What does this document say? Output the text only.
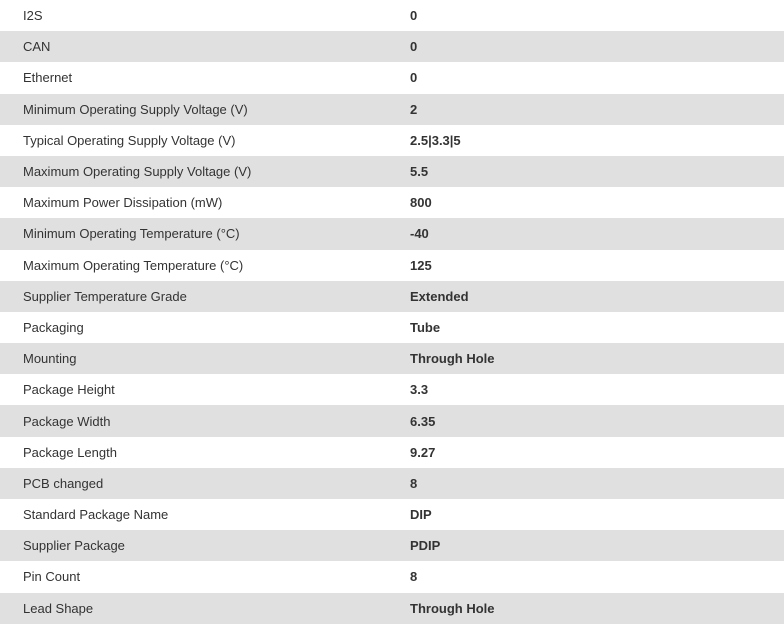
I2S	0
CAN	0
Ethernet	0
Minimum Operating Supply Voltage (V)	2
Typical Operating Supply Voltage (V)	2.5|3.3|5
Maximum Operating Supply Voltage (V)	5.5
Maximum Power Dissipation (mW)	800
Minimum Operating Temperature (°C)	-40
Maximum Operating Temperature (°C)	125
Supplier Temperature Grade	Extended
Packaging	Tube
Mounting	Through Hole
Package Height	3.3
Package Width	6.35
Package Length	9.27
PCB changed	8
Standard Package Name	DIP
Supplier Package	PDIP
Pin Count	8
Lead Shape	Through Hole
